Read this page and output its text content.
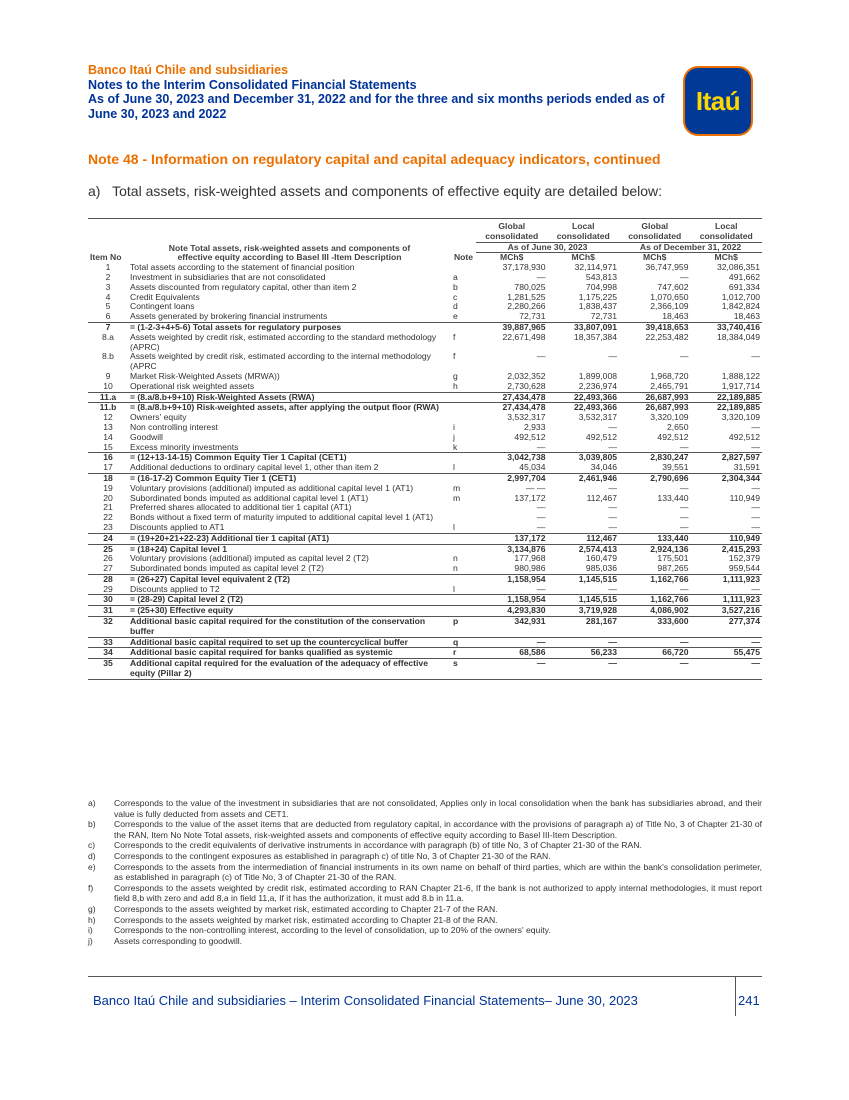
Banco Itaú Chile and subsidiaries
Notes to the Interim Consolidated Financial Statements
As of June 30, 2023 and December 31, 2022 and for the three and six months periods ended as of June 30, 2023 and 2022	Itaú
Note 48 - Information on regulatory capital and capital adequacy indicators, continued
a)   Total assets, risk-weighted assets and components of effective equity are detailed below:
Item No	Note Total assets, risk-weighted assets and components of effective equity according to Basel III -Item Description	Note	Global consolidated	Local consolidated	Global consolidated	Local consolidated
			As of June 30, 2023		As of December 31, 2022	
			MCh$	MCh$	MCh$	MCh$
1	Total assets according to the statement of financial position		37,178,930	32,114,971	36,747,959	32,086,351
2	Investment in subsidiaries that are not consolidated	a	—	543,813	—	491,662
3	Assets discounted from regulatory capital, other than item 2	b	780,025	704,998	747,602	691,334
4	Credit Equivalents	c	1,281,525	1,175,225	1,070,650	1,012,700
5	Contingent loans	d	2,280,266	1,838,437	2,366,109	1,842,824
6	Assets generated by brokering financial instruments	e	72,731	72,731	18,463	18,463
7	= (1-2-3+4+5-6) Total assets for regulatory purposes		39,887,965	33,807,091	39,418,653	33,740,416
8.a	Assets weighted by credit risk, estimated according to the standard methodology (APRC)	f	22,671,498	18,357,384	22,253,482	18,384,049
8.b	Assets weighted by credit risk, estimated according to the internal methodology (APRC	f	—	—	—	—
9	Market Risk-Weighted Assets (MRWA))	g	2,032,352	1,899,008	1,968,720	1,888,122
10	Operational risk weighted assets	h	2,730,628	2,236,974	2,465,791	1,917,714
11.a	= (8.a/8.b+9+10) Risk-Weighted Assets (RWA)		27,434,478	22,493,366	26,687,993	22,189,885
11.b	= (8.a/8.b+9+10) Risk-weighted assets, after applying the output floor (RWA)		27,434,478	22,493,366	26,687,993	22,189,885
12	Owners' equity		3,532,317	3,532,317	3,320,109	3,320,109
13	Non controlling interest	i	2,933	—	2,650	—
14	Goodwill	j	492,512	492,512	492,512	492,512
15	Excess minority investments	k	—	—	—	—
16	= (12+13-14-15) Common Equity Tier 1 Capital (CET1)		3,042,738	3,039,805	2,830,247	2,827,597
17	Additional deductions to ordinary capital level 1, other than item 2	l	45,034	34,046	39,551	31,591
18	= (16-17-2) Common Equity Tier 1 (CET1)		2,997,704	2,461,946	2,790,696	2,304,344
19	Voluntary provisions (additional) imputed as additional capital level 1 (AT1)	m	— —	—	—	—
20	Subordinated bonds imputed as additional capital level 1 (AT1)	m	137,172	112,467	133,440	110,949
21	Preferred shares allocated to additional tier 1 capital (AT1)		—	—	—	—
22	Bonds without a fixed term of maturity imputed to additional capital level 1 (AT1)		—	—	—	—
23	Discounts applied to AT1	l	—	—	—	—
24	= (19+20+21+22-23) Additional tier 1 capital (AT1)		137,172	112,467	133,440	110,949
25	= (18+24) Capital level 1		3,134,876	2,574,413	2,924,136	2,415,293
26	Voluntary provisions (additional) imputed as capital level 2 (T2)	n	177,968	160,479	175,501	152,379
27	Subordinated bonds imputed as capital level 2 (T2)	n	980,986	985,036	987,265	959,544
28	= (26+27) Capital level equivalent 2 (T2)		1,158,954	1,145,515	1,162,766	1,111,923
29	Discounts applied to T2	l	—	—	—	—
30	= (28-29) Capital level 2 (T2)		1,158,954	1,145,515	1,162,766	1,111,923
31	= (25+30) Effective equity		4,293,830	3,719,928	4,086,902	3,527,216
32	Additional basic capital required for the constitution of the conservation buffer	p	342,931	281,167	333,600	277,374
33	Additional basic capital required to set up the countercyclical buffer	q	—	—	—	—
34	Additional basic capital required for banks qualified as systemic	r	68,586	56,233	66,720	55,475
35	Additional capital required for the evaluation of the adequacy of effective equity (Pillar 2)	s	—	—	—	—
a)	Corresponds to the value of the investment in subsidiaries that are not consolidated, Applies only in local consolidation when the bank has subsidiaries abroad, and their value is fully deducted from assets and CET1.
b)	Corresponds to the value of the asset items that are deducted from regulatory capital, in accordance with the provisions of paragraph a) of Title No, 3 of Chapter 21-30 of the RAN, Item No Note Total assets, risk-weighted assets and components of effective equity according to Basel III-Item Description.
c)	Corresponds to the credit equivalents of derivative instruments in accordance with paragraph (b) of title No, 3 of Chapter 21-30 of the RAN.
d)	Corresponds to the contingent exposures as established in paragraph c) of title No, 3 of Chapter 21-30 of the RAN.
e)	Corresponds to the assets from the intermediation of financial instruments in its own name on behalf of third parties, which are within the bank's consolidation perimeter, as established in paragraph (c) of Title No, 3 of Chapter 21-30 of the RAN.
f)	Corresponds to the assets weighted by credit risk, estimated according to RAN Chapter 21-6, If the bank is not authorized to apply internal methodologies, it must report field 8,b with zero and add 8,a in field 11,a, If it has the authorization, it must add 8.b in 11.a.
g)	Corresponds to the assets weighted by market risk, estimated according to Chapter 21-7 of the RAN.
h)	Corresponds to the assets weighted by market risk, estimated according to Chapter 21-8 of the RAN.
i)	Corresponds to the non-controlling interest, according to the level of consolidation, up to 20% of the owners' equity.
j)	Assets corresponding to goodwill.
Banco Itaú Chile and subsidiaries – Interim Consolidated Financial Statements– June 30, 2023	241
